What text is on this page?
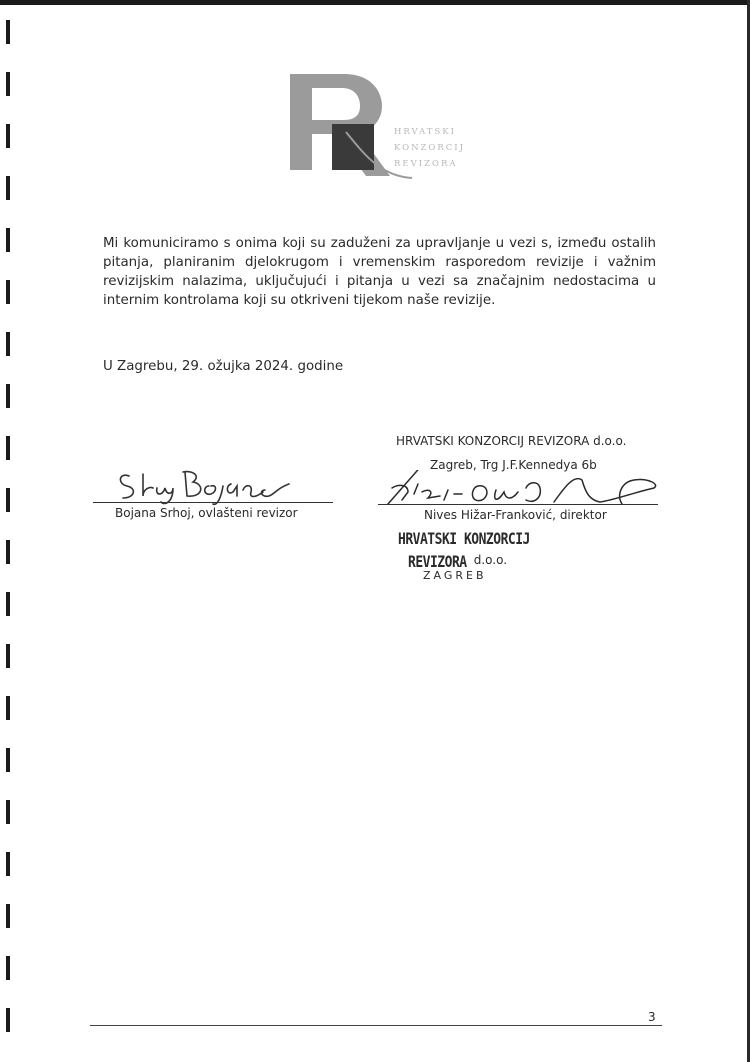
HRVATSKI
KONZORCIJ
REVIZORA
Mi komuniciramo s onima koji su zaduženi za upravljanje u vezi s, između ostalih pitanja, planiranim djelokrugom i vremenskim rasporedom revizije i važnim revizijskim nalazima, uključujući i pitanja u vezi sa značajnim nedostacima u internim kontrolama koji su otkriveni tijekom naše revizije.
U Zagrebu, 29. ožujka 2024. godine
Bojana Srhoj, ovlašteni revizor
HRVATSKI KONZORCIJ REVIZORA d.o.o.
Zagreb, Trg J.F.Kennedya 6b
Nives Hižar-Franković, direktor
HRVATSKI KONZORCIJ
REVIZORA d.o.o.
ZAGREB
3
